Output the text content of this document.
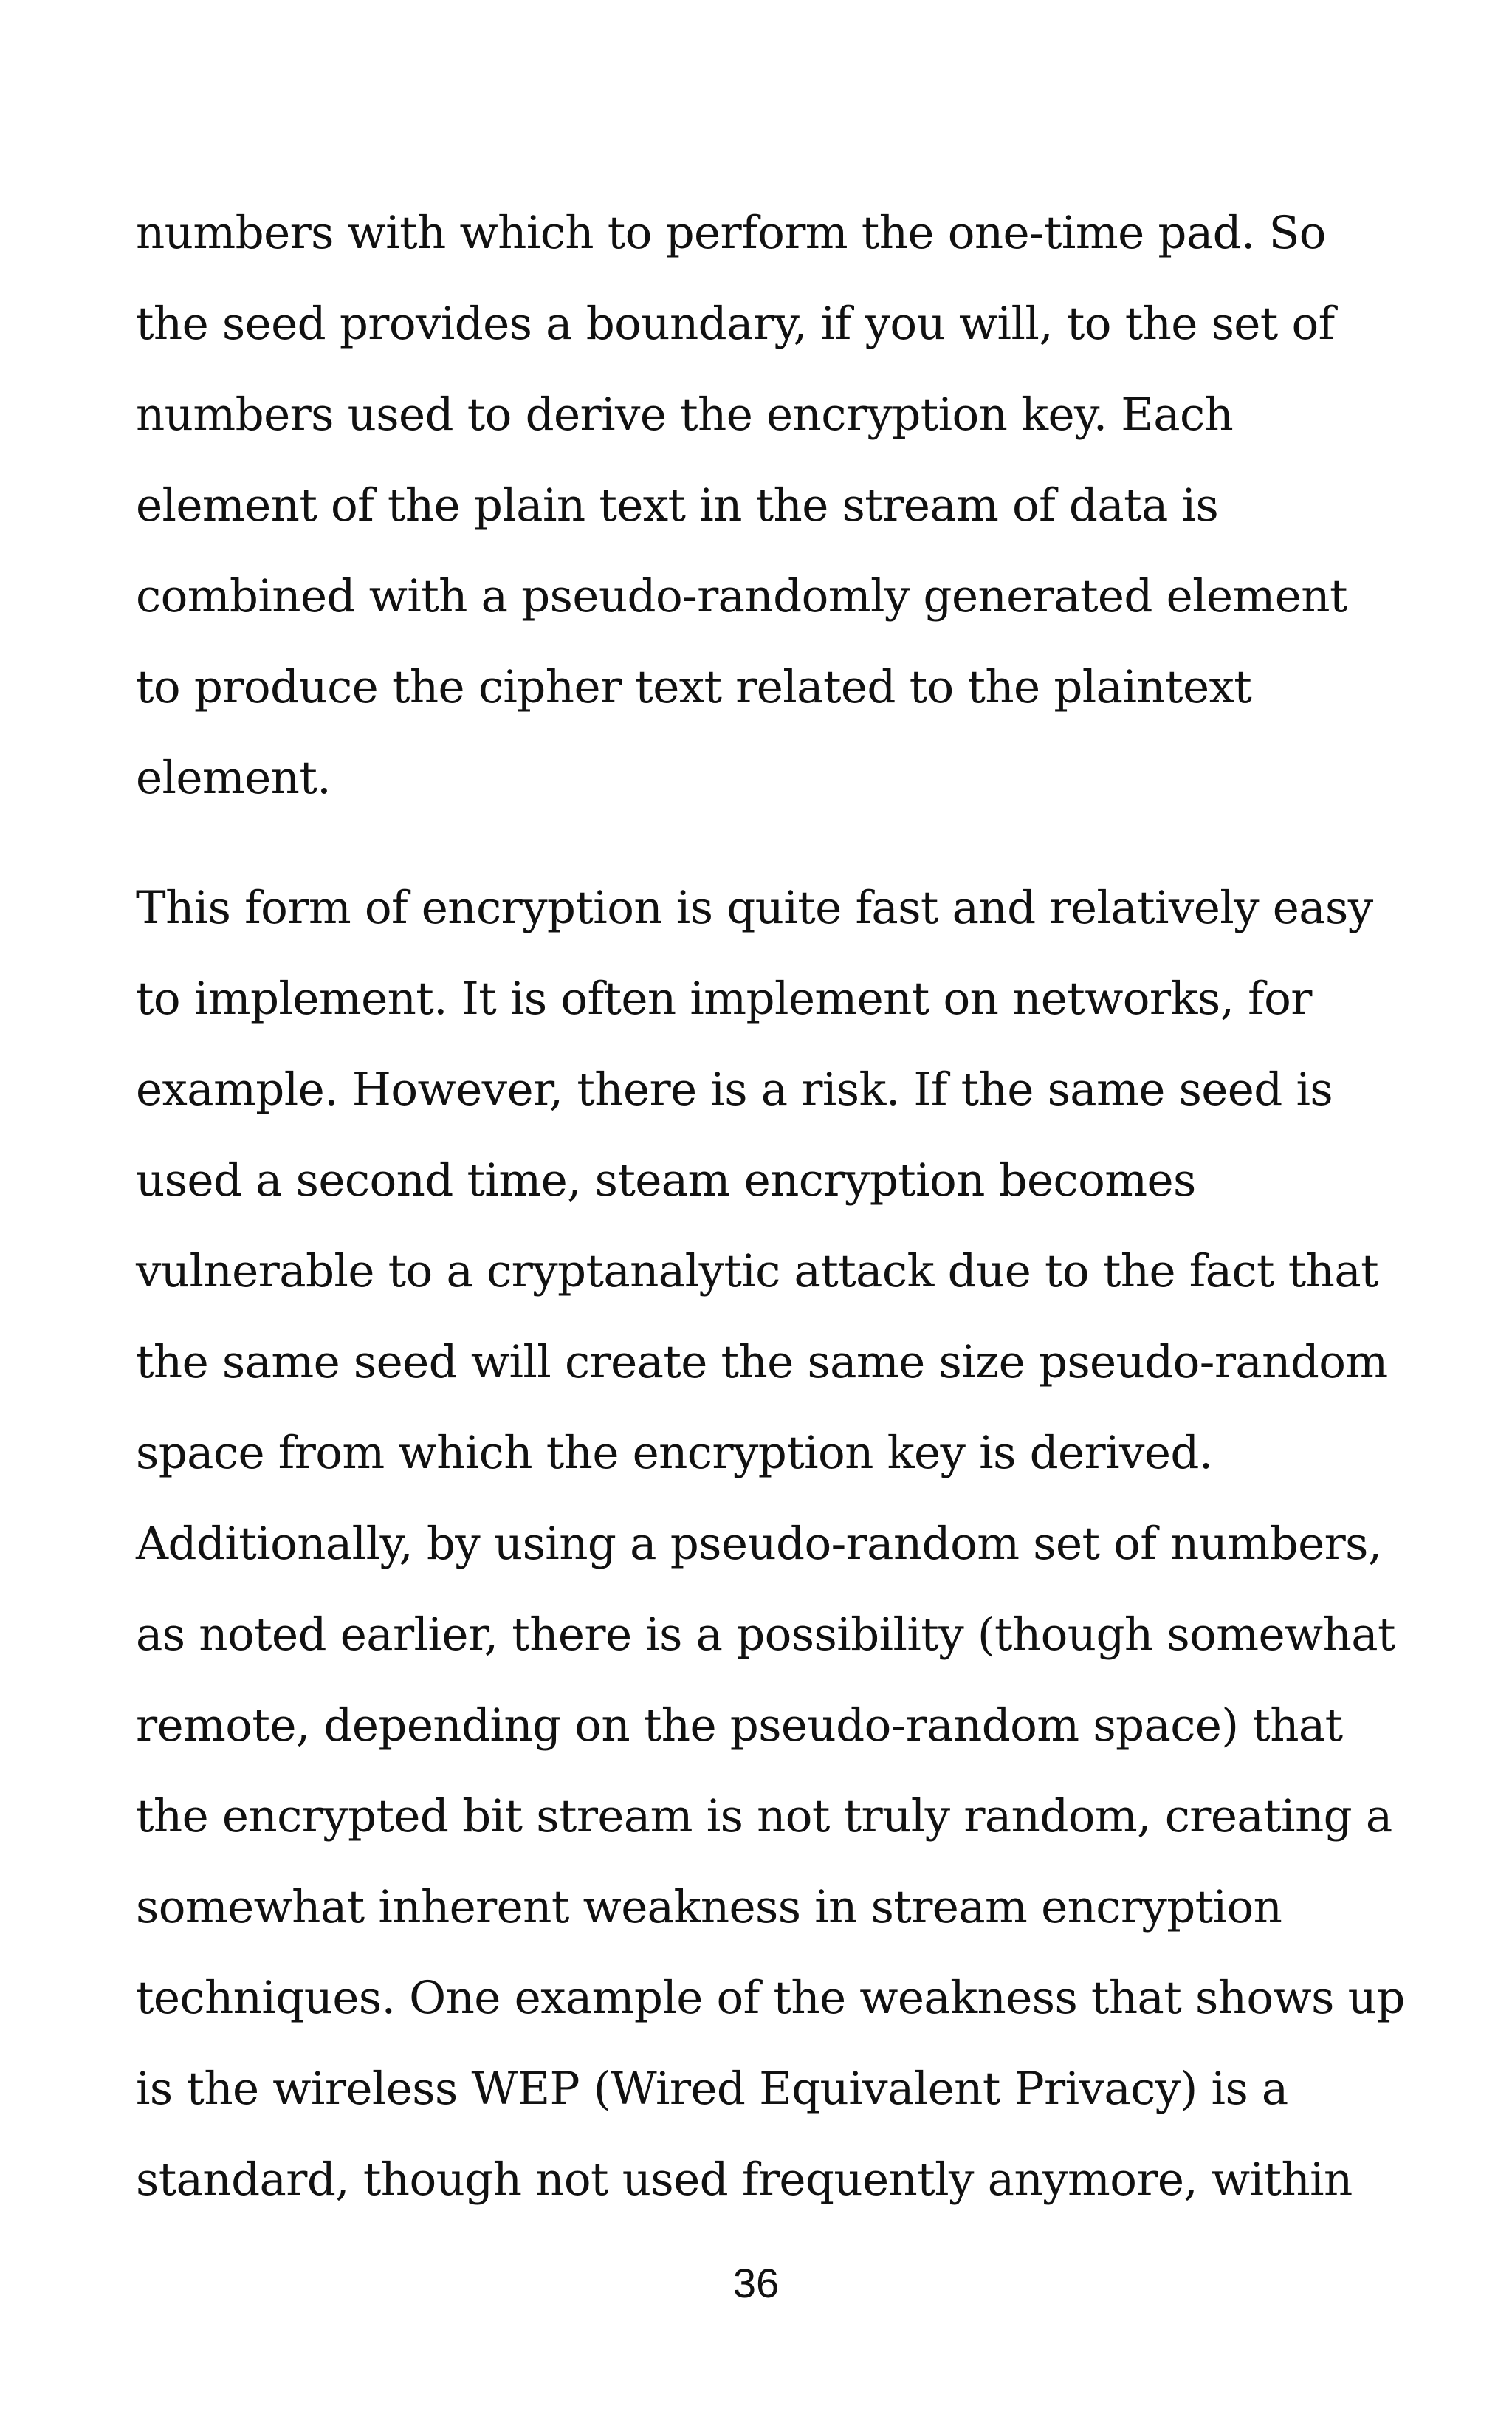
numbers with which to perform the one-time pad. So
the seed provides a boundary, if you will, to the set of
numbers used to derive the encryption key. Each
element of the plain text in the stream of data is
combined with a pseudo-randomly generated element
to produce the cipher text related to the plaintext
element.
This form of encryption is quite fast and relatively easy
to implement. It is often implement on networks, for
example. However, there is a risk. If the same seed is
used a second time, steam encryption becomes
vulnerable to a cryptanalytic attack due to the fact that
the same seed will create the same size pseudo-random
space from which the encryption key is derived.
Additionally, by using a pseudo-random set of numbers,
as noted earlier, there is a possibility (though somewhat
remote, depending on the pseudo-random space) that
the encrypted bit stream is not truly random, creating a
somewhat inherent weakness in stream encryption
techniques. One example of the weakness that shows up
is the wireless WEP (Wired Equivalent Privacy) is a
standard, though not used frequently anymore, within
36
